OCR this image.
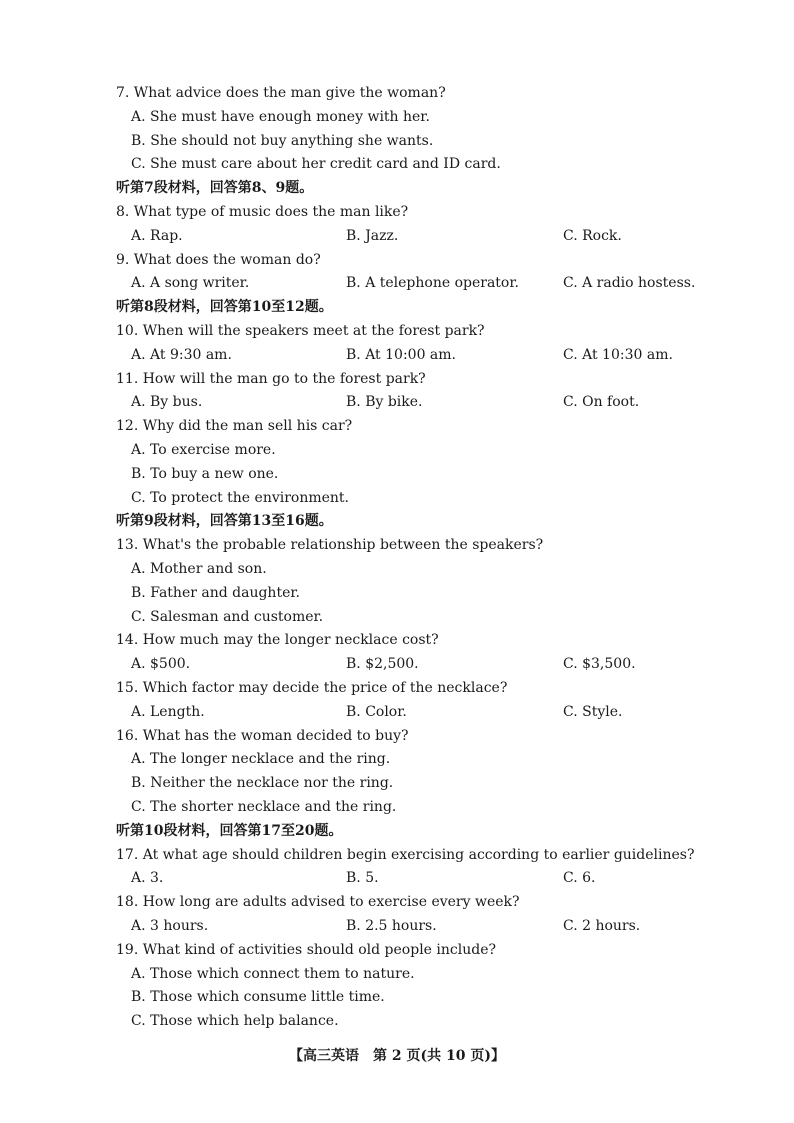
7. What advice does the man give the woman?
A. She must have enough money with her.
B. She should not buy anything she wants.
C. She must care about her credit card and ID card.
听第7段材料，回答第8、9题。
8. What type of music does the man like?
A. Rap.	B. Jazz.	C. Rock.
9. What does the woman do?
A. A song writer.	B. A telephone operator.	C. A radio hostess.
听第8段材料，回答第10至12题。
10. When will the speakers meet at the forest park?
A. At 9:30 am.	B. At 10:00 am.	C. At 10:30 am.
11. How will the man go to the forest park?
A. By bus.	B. By bike.	C. On foot.
12. Why did the man sell his car?
A. To exercise more.
B. To buy a new one.
C. To protect the environment.
听第9段材料，回答第13至16题。
13. What's the probable relationship between the speakers?
A. Mother and son.
B. Father and daughter.
C. Salesman and customer.
14. How much may the longer necklace cost?
A. $500.	B. $2,500.	C. $3,500.
15. Which factor may decide the price of the necklace?
A. Length.	B. Color.	C. Style.
16. What has the woman decided to buy?
A. The longer necklace and the ring.
B. Neither the necklace nor the ring.
C. The shorter necklace and the ring.
听第10段材料，回答第17至20题。
17. At what age should children begin exercising according to earlier guidelines?
A. 3.	B. 5.	C. 6.
18. How long are adults advised to exercise every week?
A. 3 hours.	B. 2.5 hours.	C. 2 hours.
19. What kind of activities should old people include?
A. Those which connect them to nature.
B. Those which consume little time.
C. Those which help balance.
【高三英语　第 2 页(共 10 页)】
